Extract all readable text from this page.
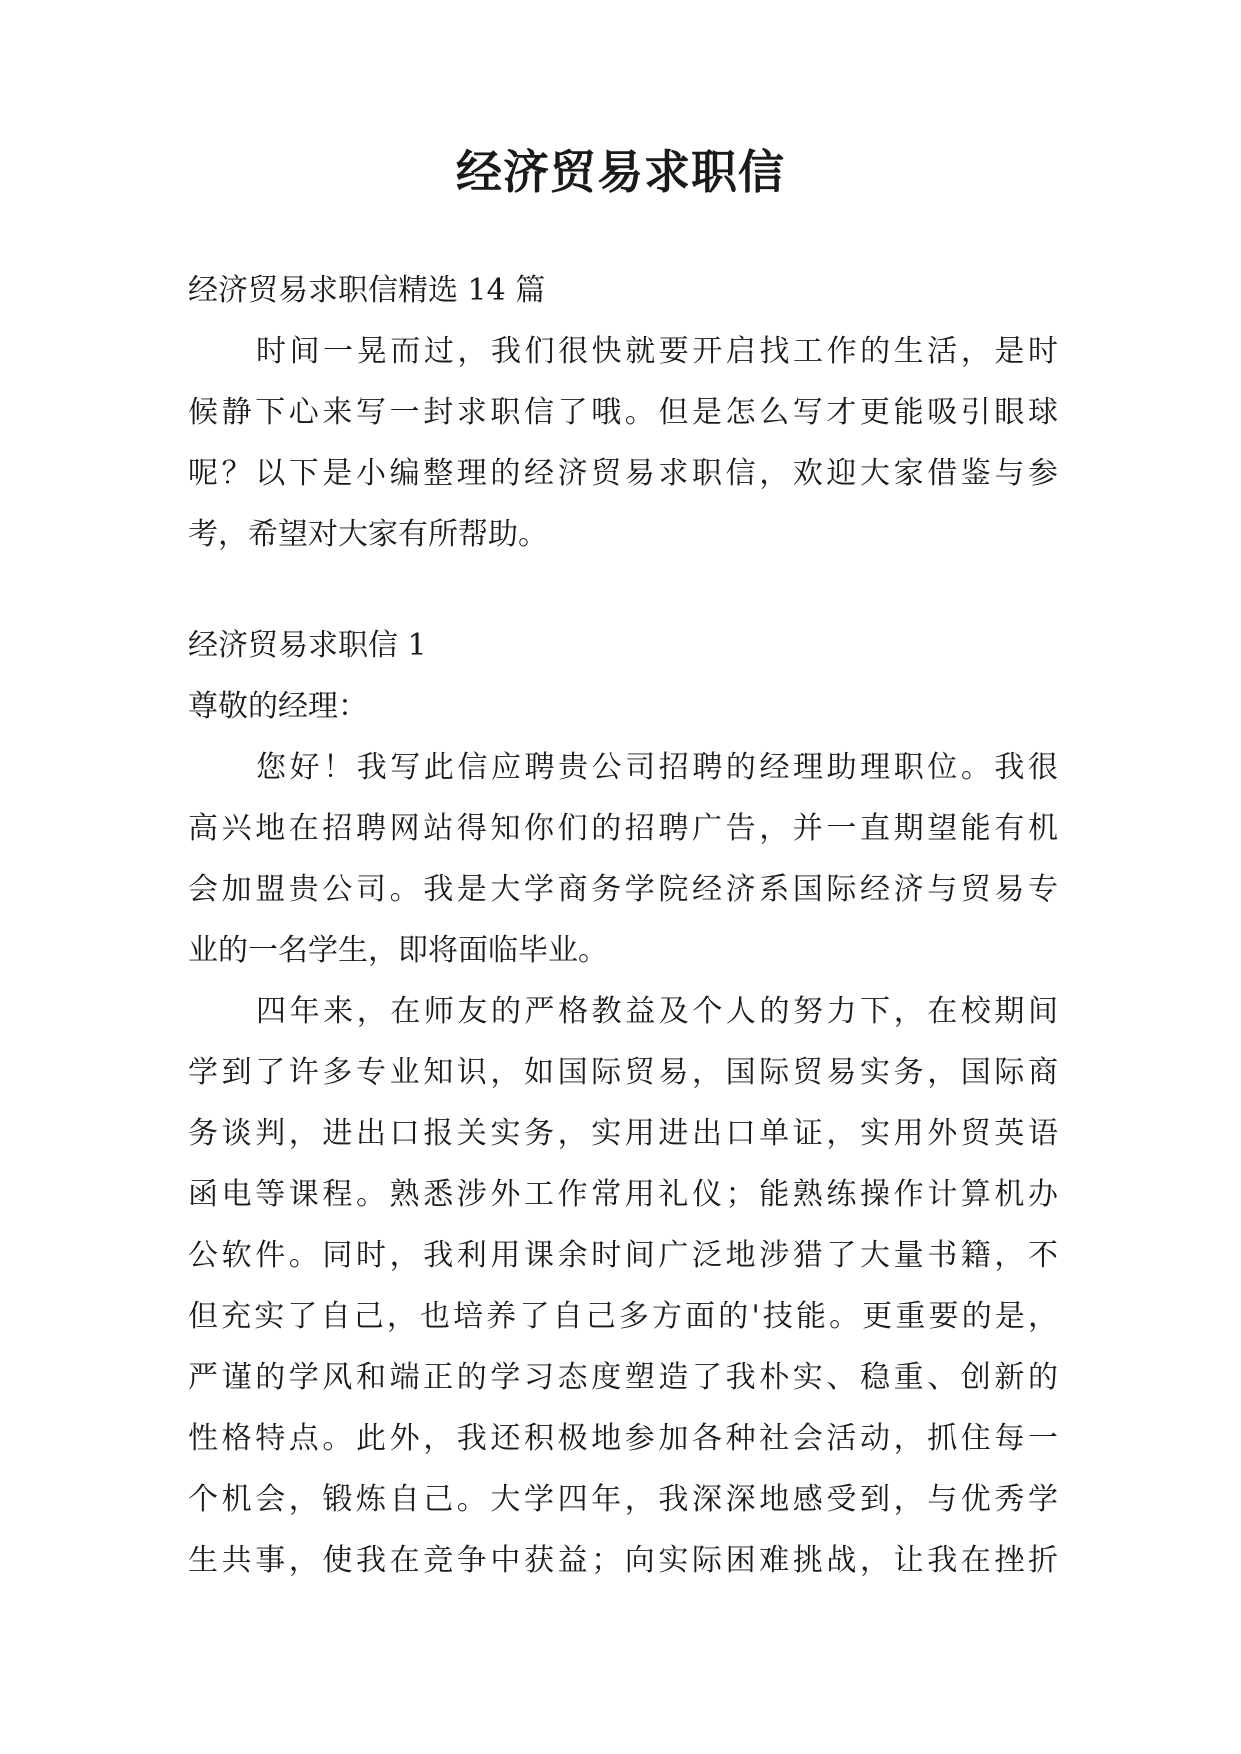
经济贸易求职信
经济贸易求职信精选 14 篇
时间一晃而过，我们很快就要开启找工作的生活，是时
候静下心来写一封求职信了哦。但是怎么写才更能吸引眼球
呢？以下是小编整理的经济贸易求职信，欢迎大家借鉴与参
考，希望对大家有所帮助。
经济贸易求职信 1
尊敬的经理：
您好！我写此信应聘贵公司招聘的经理助理职位。我很
高兴地在招聘网站得知你们的招聘广告，并一直期望能有机
会加盟贵公司。我是大学商务学院经济系国际经济与贸易专
业的一名学生，即将面临毕业。
四年来，在师友的严格教益及个人的努力下，在校期间
学到了许多专业知识，如国际贸易，国际贸易实务，国际商
务谈判，进出口报关实务，实用进出口单证，实用外贸英语
函电等课程。熟悉涉外工作常用礼仪；能熟练操作计算机办
公软件。同时，我利用课余时间广泛地涉猎了大量书籍，不
但充实了自己，也培养了自己多方面的'技能。更重要的是，
严谨的学风和端正的学习态度塑造了我朴实、稳重、创新的
性格特点。此外，我还积极地参加各种社会活动，抓住每一
个机会，锻炼自己。大学四年，我深深地感受到，与优秀学
生共事，使我在竞争中获益；向实际困难挑战，让我在挫折
